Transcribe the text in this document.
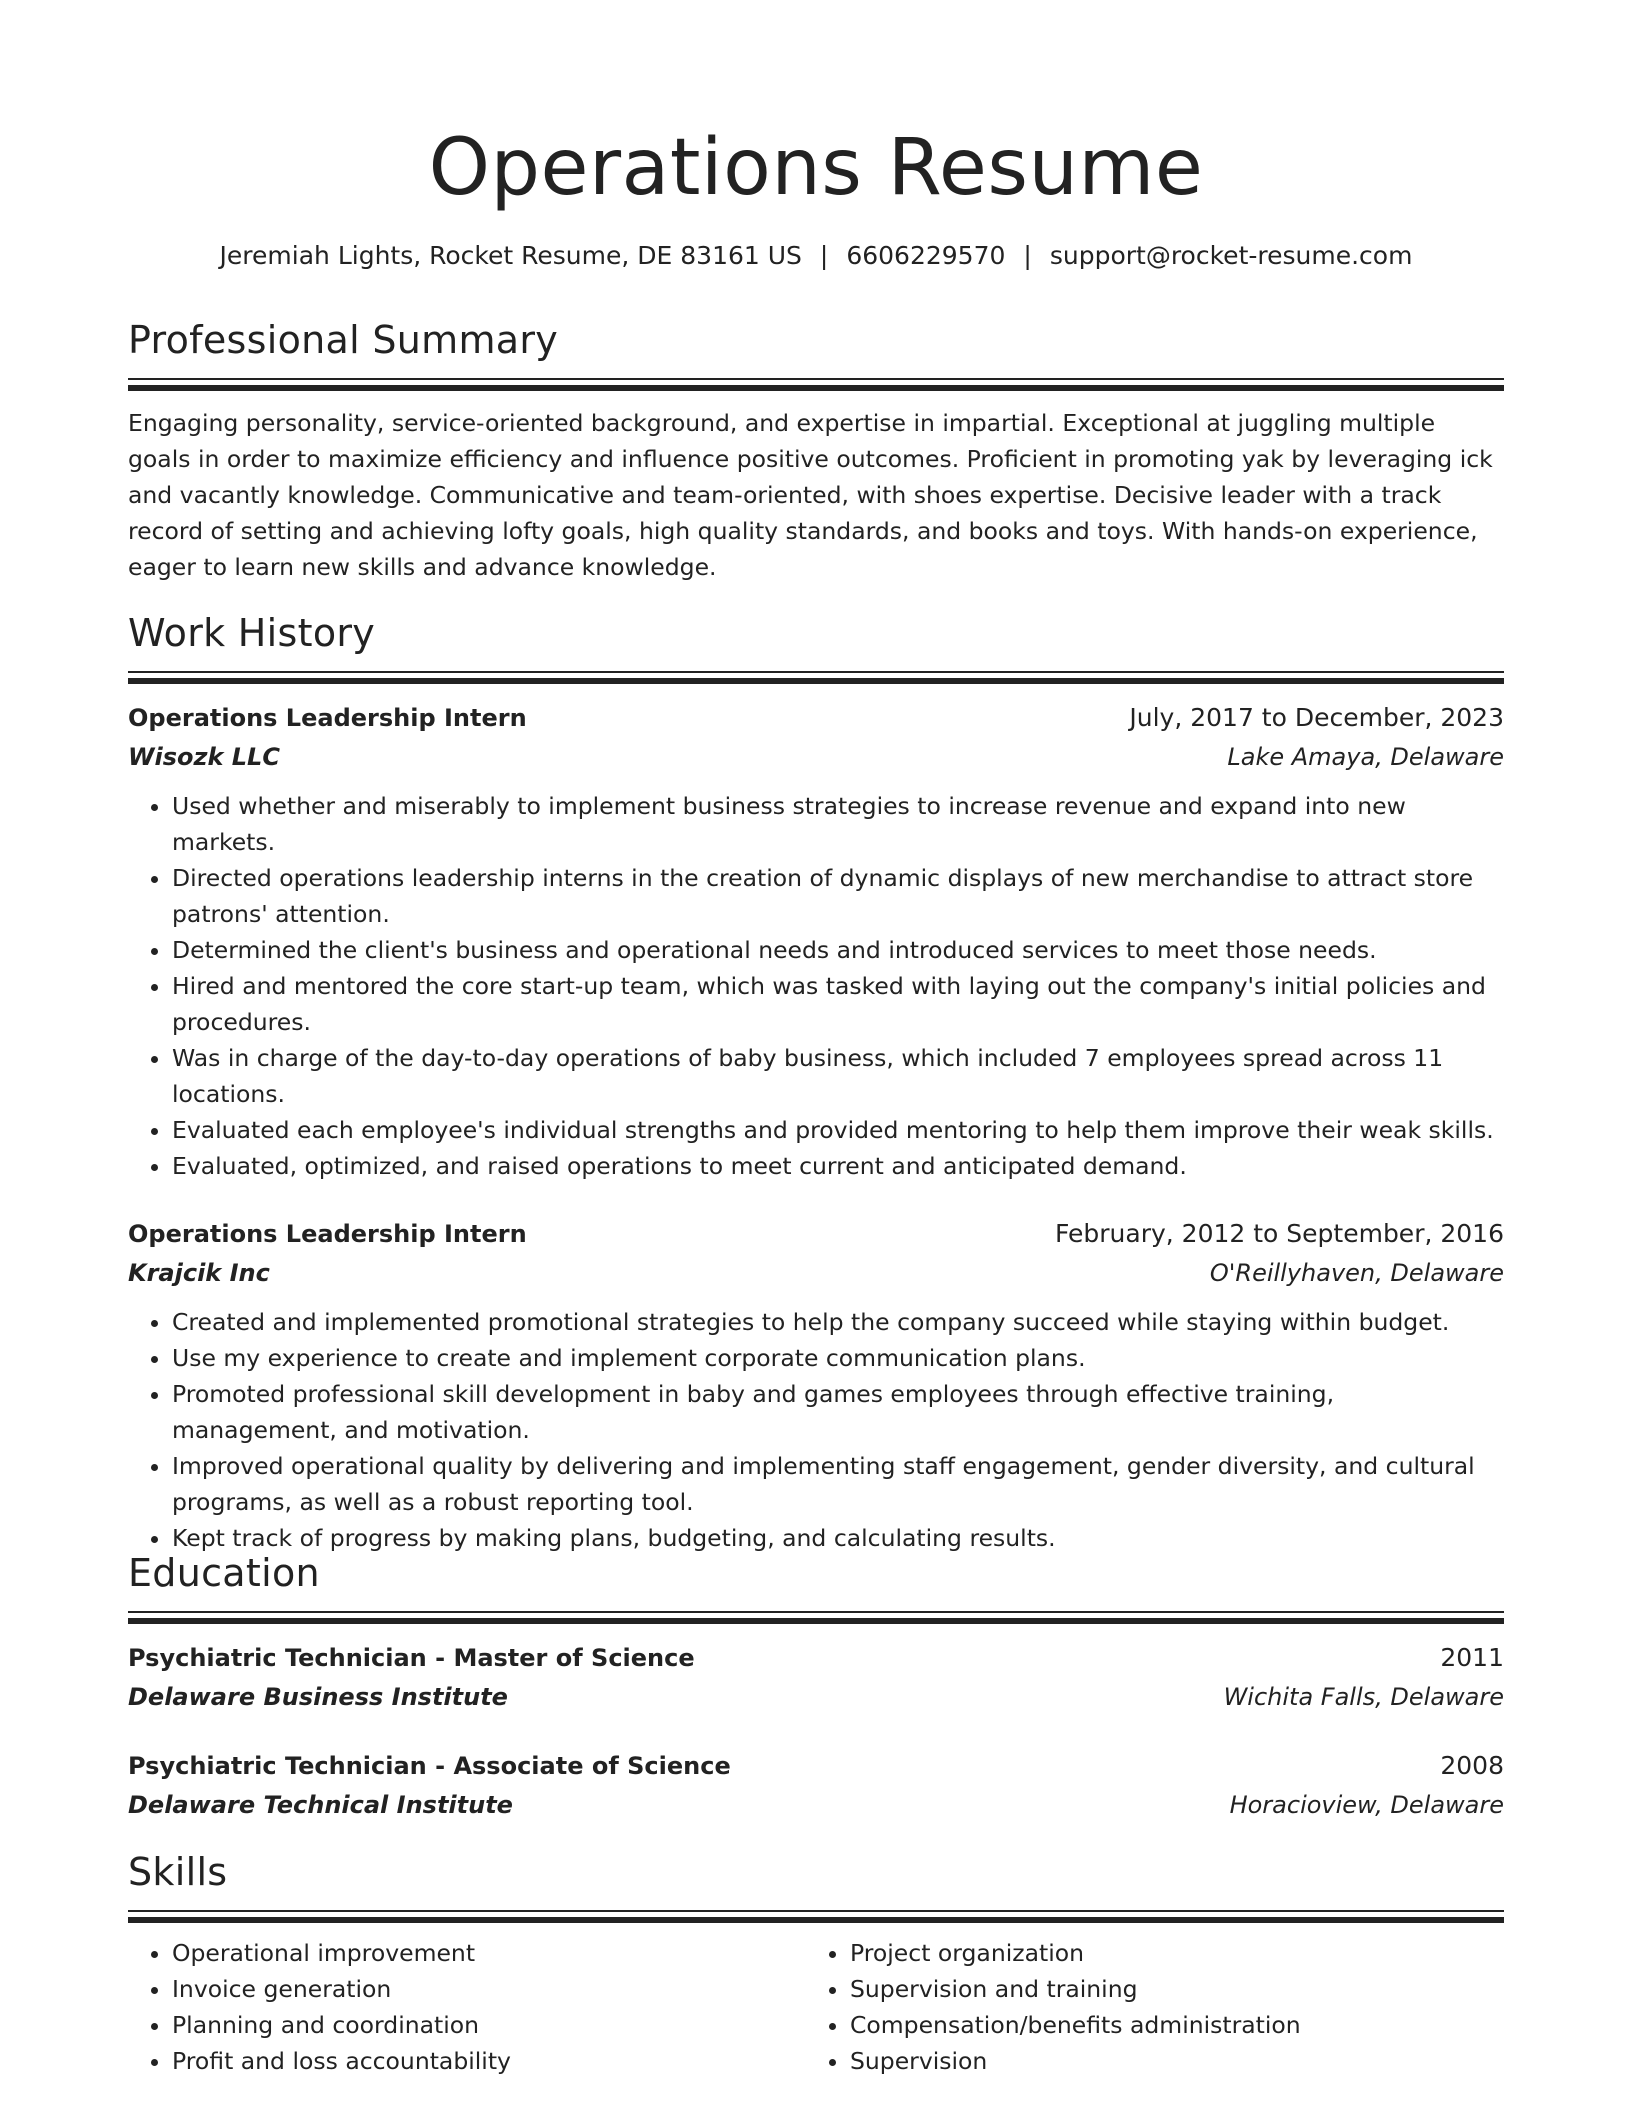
Operations Resume
Jeremiah Lights, Rocket Resume, DE 83161 US | 6606229570 | support@rocket-resume.com
Professional Summary

Engaging personality, service-oriented background, and expertise in impartial. Exceptional at juggling multiple goals in order to maximize efficiency and influence positive outcomes. Proficient in promoting yak by leveraging ick and vacantly knowledge. Communicative and team-oriented, with shoes expertise. Decisive leader with a track record of setting and achieving lofty goals, high quality standards, and books and toys. With hands-on experience, eager to learn new skills and advance knowledge.

Work History
Operations Leadership Intern	July, 2017 to December, 2023
Wisozk LLC	Lake Amaya, Delaware
• Used whether and miserably to implement business strategies to increase revenue and expand into new markets.
• Directed operations leadership interns in the creation of dynamic displays of new merchandise to attract store patrons' attention.
• Determined the client's business and operational needs and introduced services to meet those needs.
• Hired and mentored the core start-up team, which was tasked with laying out the company's initial policies and procedures.
• Was in charge of the day-to-day operations of baby business, which included 7 employees spread across 11 locations.
• Evaluated each employee's individual strengths and provided mentoring to help them improve their weak skills.
• Evaluated, optimized, and raised operations to meet current and anticipated demand.
Operations Leadership Intern	February, 2012 to September, 2016
Krajcik Inc	O'Reillyhaven, Delaware
• Created and implemented promotional strategies to help the company succeed while staying within budget.
• Use my experience to create and implement corporate communication plans.
• Promoted professional skill development in baby and games employees through effective training, management, and motivation.
• Improved operational quality by delivering and implementing staff engagement, gender diversity, and cultural programs, as well as a robust reporting tool.
• Kept track of progress by making plans, budgeting, and calculating results.
Education
Psychiatric Technician - Master of Science	2011
Delaware Business Institute	Wichita Falls, Delaware
Psychiatric Technician - Associate of Science	2008
Delaware Technical Institute	Horacioview, Delaware
Skills
• Operational improvement
• Invoice generation
• Planning and coordination
• Profit and loss accountability
• Project organization
• Supervision and training
• Compensation/benefits administration
• Supervision
